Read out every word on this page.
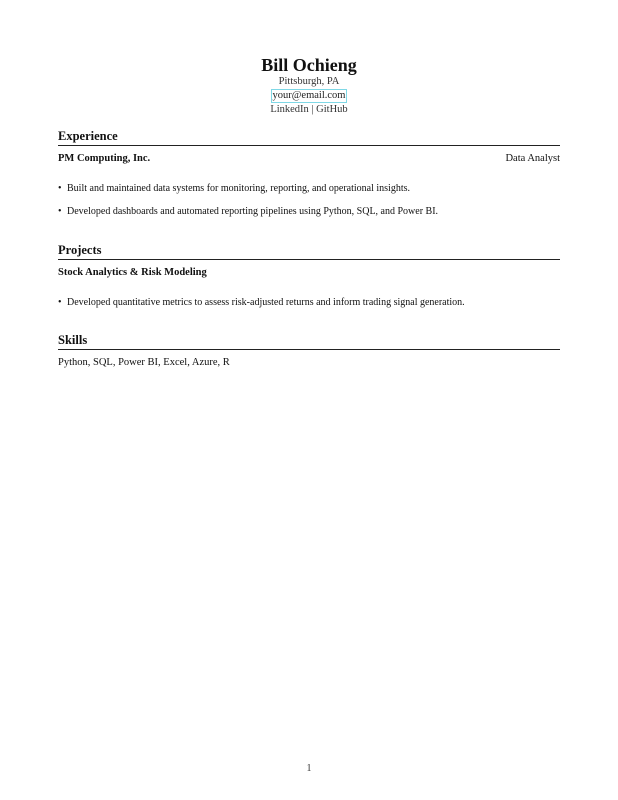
Bill Ochieng
Pittsburgh, PA
your@email.com
LinkedIn | GitHub
Experience
PM Computing, Inc.	Data Analyst
• Built and maintained data systems for monitoring, reporting, and operational insights.
• Developed dashboards and automated reporting pipelines using Python, SQL, and Power BI.
Projects
Stock Analytics & Risk Modeling
• Developed quantitative metrics to assess risk-adjusted returns and inform trading signal generation.
Skills
Python, SQL, Power BI, Excel, Azure, R
1
